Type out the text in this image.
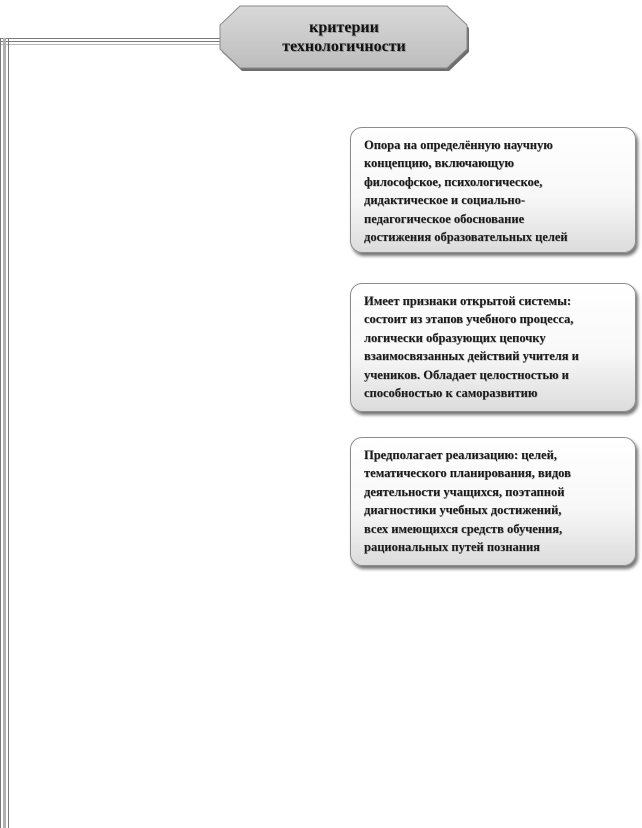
критерии
технологичности
Опора на определённую научную
концепцию, включающую
философское, психологическое,
дидактическое и социально-
педагогическое обоснование
достижения образовательных целей
Имеет признаки открытой системы:
состоит из этапов учебного процесса,
логически образующих цепочку
взаимосвязанных действий учителя и
учеников. Обладает целостностью и
способностью к саморазвитию
Предполагает реализацию: целей,
тематического планирования, видов
деятельности учащихся, поэтапной
диагностики учебных достижений,
всех имеющихся средств обучения,
рациональных путей познания
